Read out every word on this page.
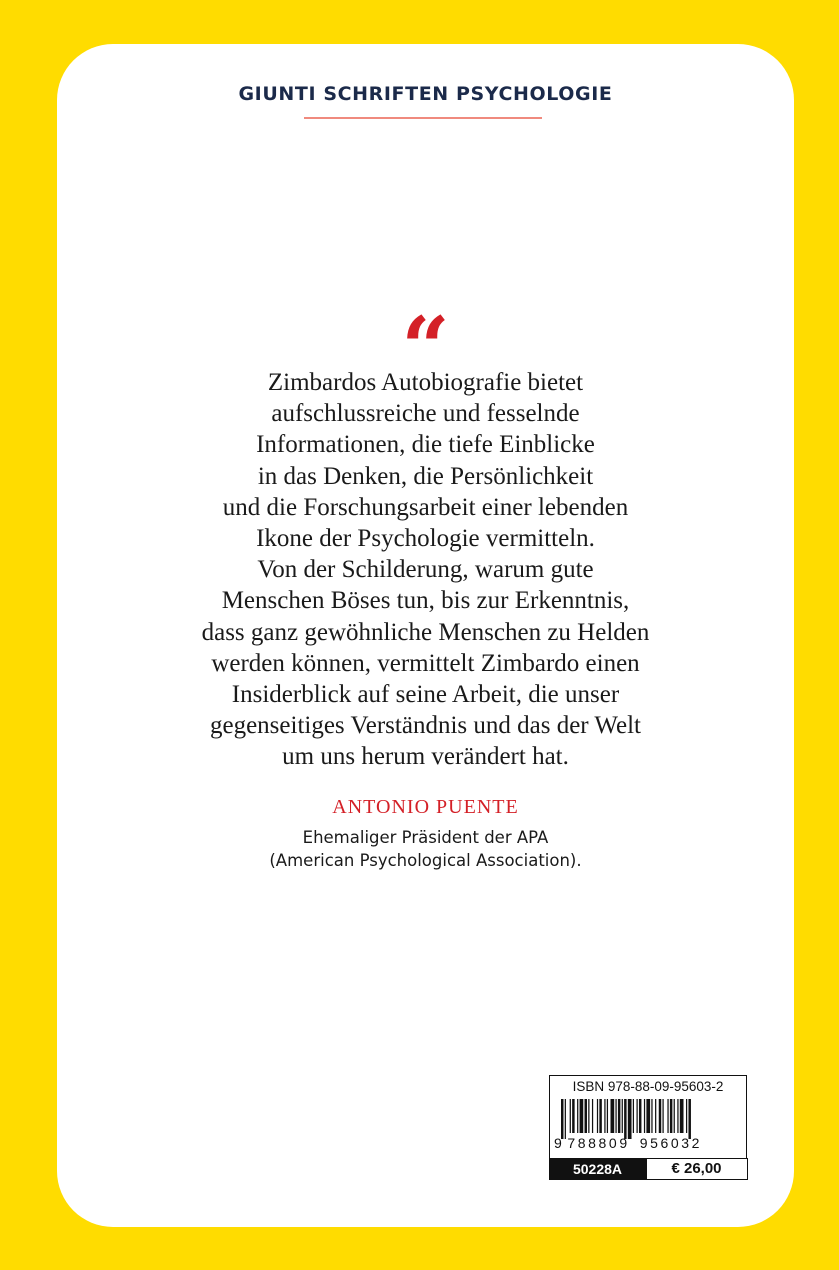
GIUNTI SCHRIFTEN PSYCHOLOGIE
“
Zimbardos Autobiografie bietet
aufschlussreiche und fesselnde
Informationen, die tiefe Einblicke
in das Denken, die Persönlichkeit
und die Forschungsarbeit einer lebenden
Ikone der Psychologie vermitteln.
Von der Schilderung, warum gute
Menschen Böses tun, bis zur Erkenntnis,
dass ganz gewöhnliche Menschen zu Helden
werden können, vermittelt Zimbardo einen
Insiderblick auf seine Arbeit, die unser
gegenseitiges Verständnis und das der Welt
um uns herum verändert hat.
ANTONIO PUENTE
Ehemaliger Präsident der APA
(American Psychological Association).
ISBN 978-88-09-95603-2
9 788809 956032
50228A	€ 26,00
